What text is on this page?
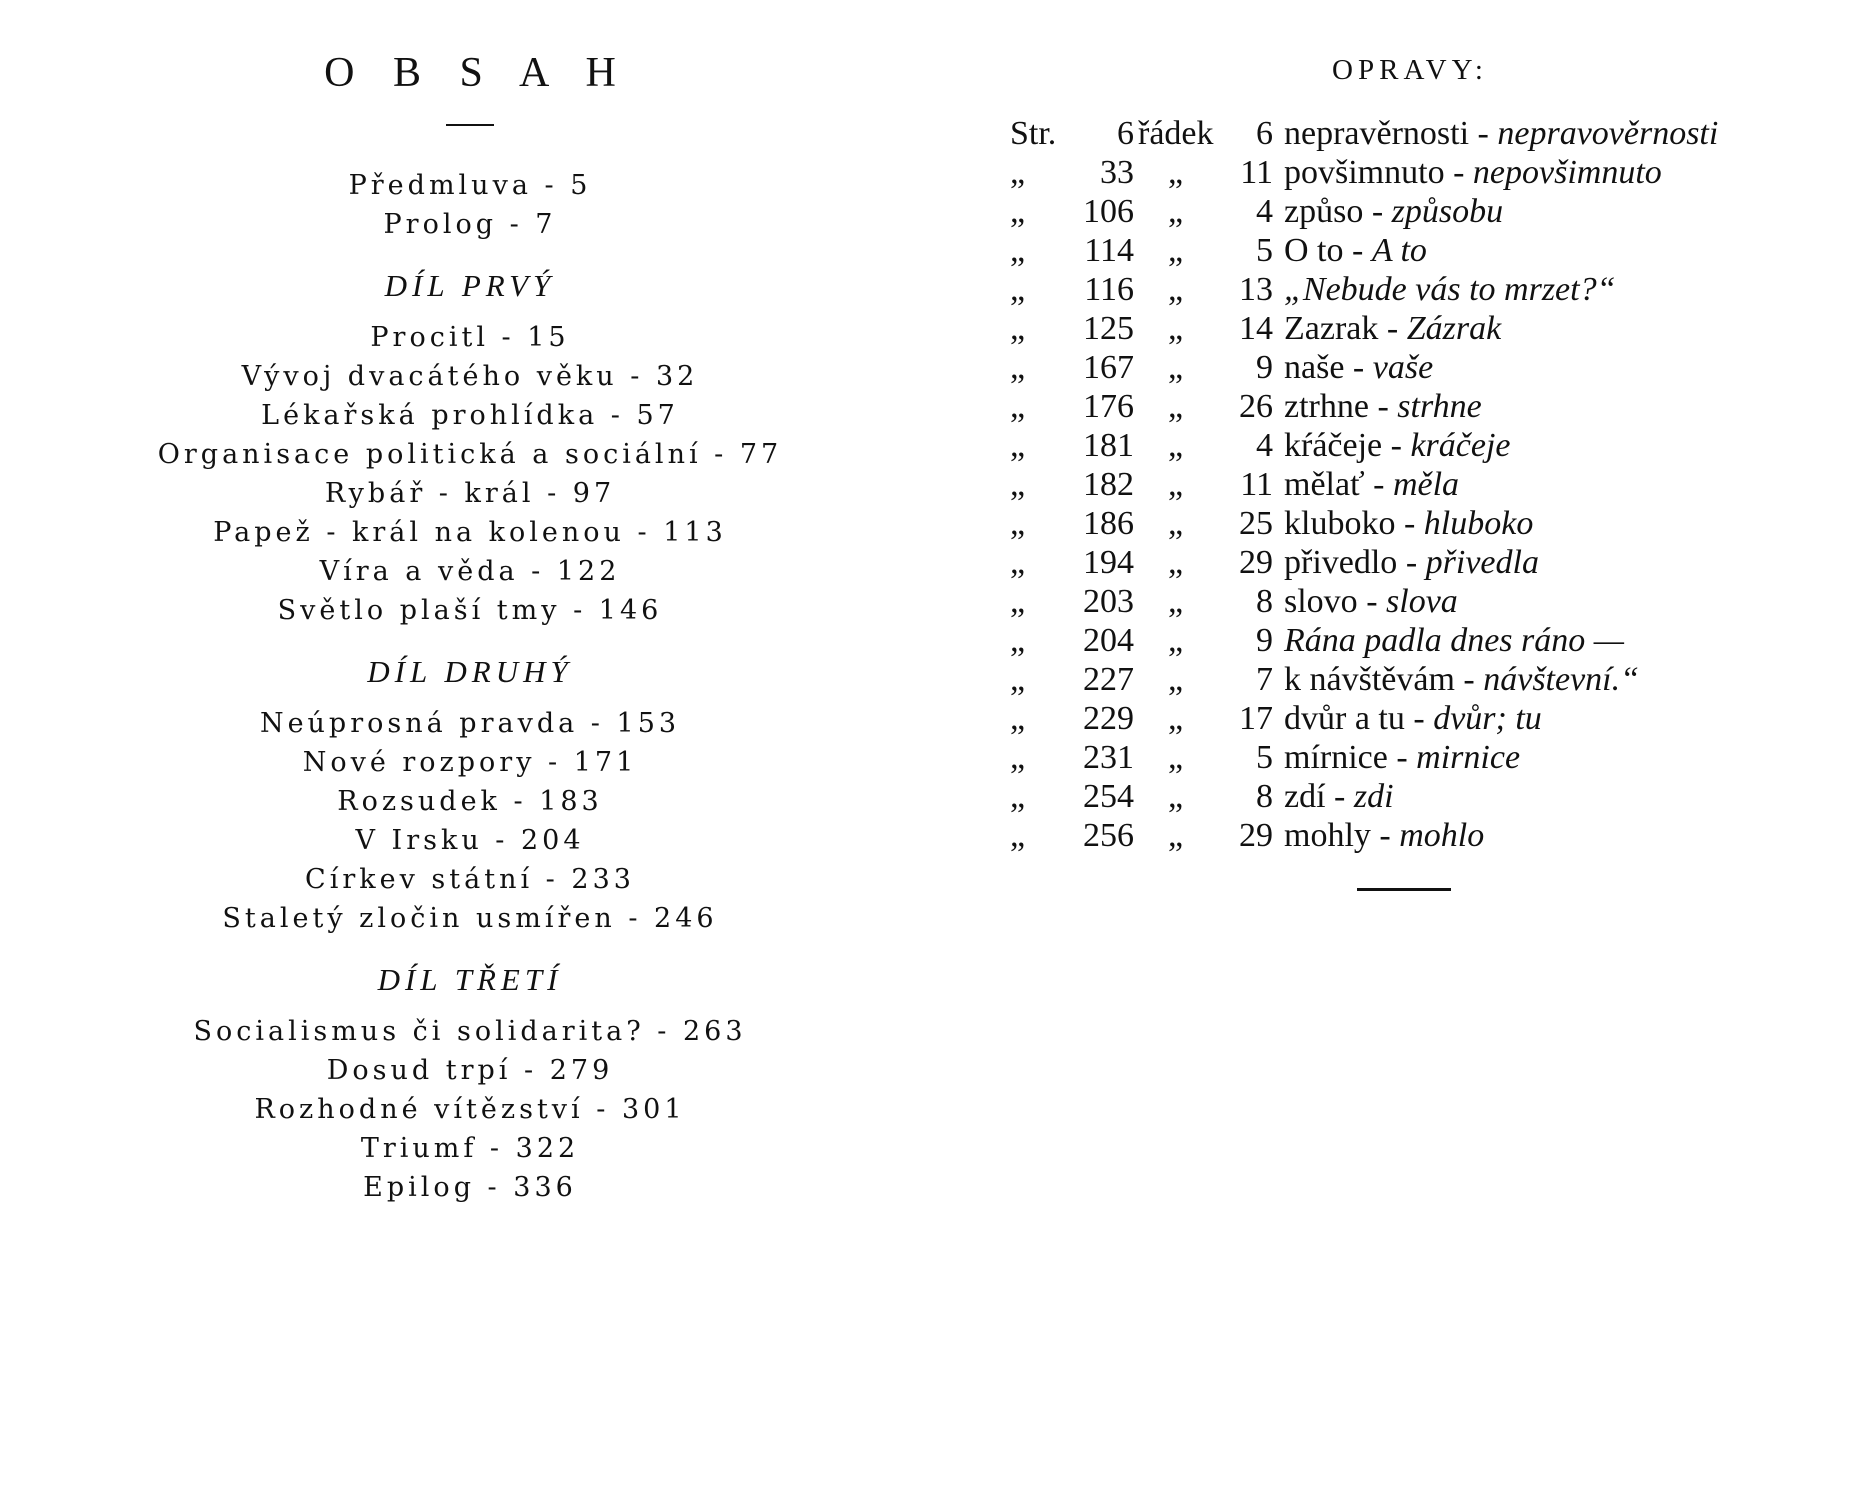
O B S A H
Předmluva - 5
Prolog - 7
DÍL PRVÝ
Procitl - 15
Vývoj dvacátého věku - 32
Lékařská prohlídka - 57
Organisace politická a sociální - 77
Rybář - král - 97
Papež - král na kolenou - 113
Víra a věda - 122
Světlo plaší tmy - 146
DÍL DRUHÝ
Neúprosná pravda - 153
Nové rozpory - 171
Rozsudek - 183
V Irsku - 204
Církev státní - 233
Staletý zločin usmířen - 246
DÍL TŘETÍ
Socialismus či solidarita? - 263
Dosud trpí - 279
Rozhodné vítězství - 301
Triumf - 322
Epilog - 336
OPRAVY:
Str.	6 řádek	6 nepravěrnosti - nepravověrnosti
„	33 „	11 povšimnuto - nepovšimnuto
„	106 „	4 způso - způsobu
„	114 „	5 O to - A to
„	116 „	13 „Nebude vás to mrzet?“
„	125 „	14 Zazrak - Zázrak
„	167 „	9 naše - vaše
„	176 „	26 ztrhne - strhne
„	181 „	4 kŕáčeje - kráčeje
„	182 „	11 mělať - měla
„	186 „	25 kluboko - hluboko
„	194 „	29 přivedlo - přivedla
„	203 „	8 slovo - slova
„	204 „	9 Rána padla dnes ráno —
„	227 „	7 k návštěvám - návštevní.“
„	229 „	17 dvůr a tu - dvůr; tu
„	231 „	5 mírnice - mirnice
„	254 „	8 zdí - zdi
„	256 „	29 mohly - mohlo
